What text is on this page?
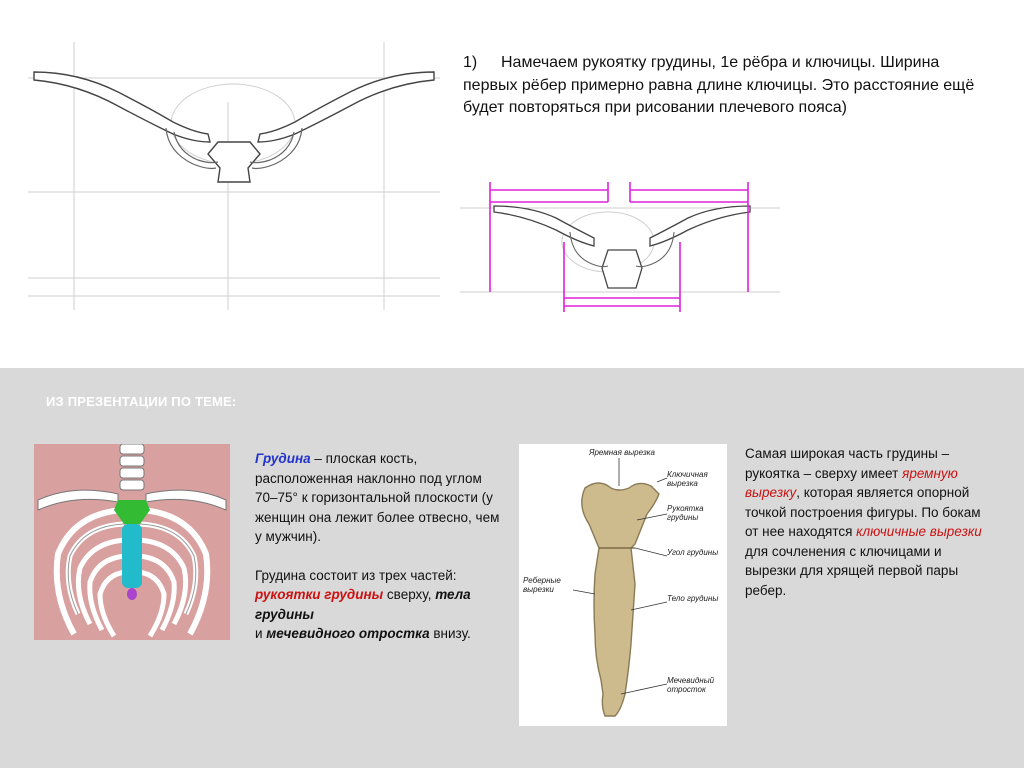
1) Намечаем рукоятку грудины, 1е рёбра и ключицы. Ширина первых рёбер примерно равна длине ключицы. Это расстояние ещё будет повторяться при рисовании плечевого пояса)
ИЗ ПРЕЗЕНТАЦИИ ПО ТЕМЕ:
Грудина – плоская кость, расположенная наклонно под углом 70–75° к горизонтальной плоскости (у женщин она лежит более отвесно, чем у мужчин).
Грудина состоит из трех частей: рукоятки грудины сверху, тела грудины
и мечевидного отростка внизу.
Яремная вырезка
Ключичная вырезка
Рукоятка грудины
Угол грудины
Реберные вырезки
Тело грудины
Мечевидный отросток
Самая широкая часть грудины – рукоятка – сверху имеет яремную вырезку, которая является опорной точкой построения фигуры. По бокам от нее находятся ключичные вырезки для сочленения с ключицами и вырезки для хрящей первой пары ребер.
